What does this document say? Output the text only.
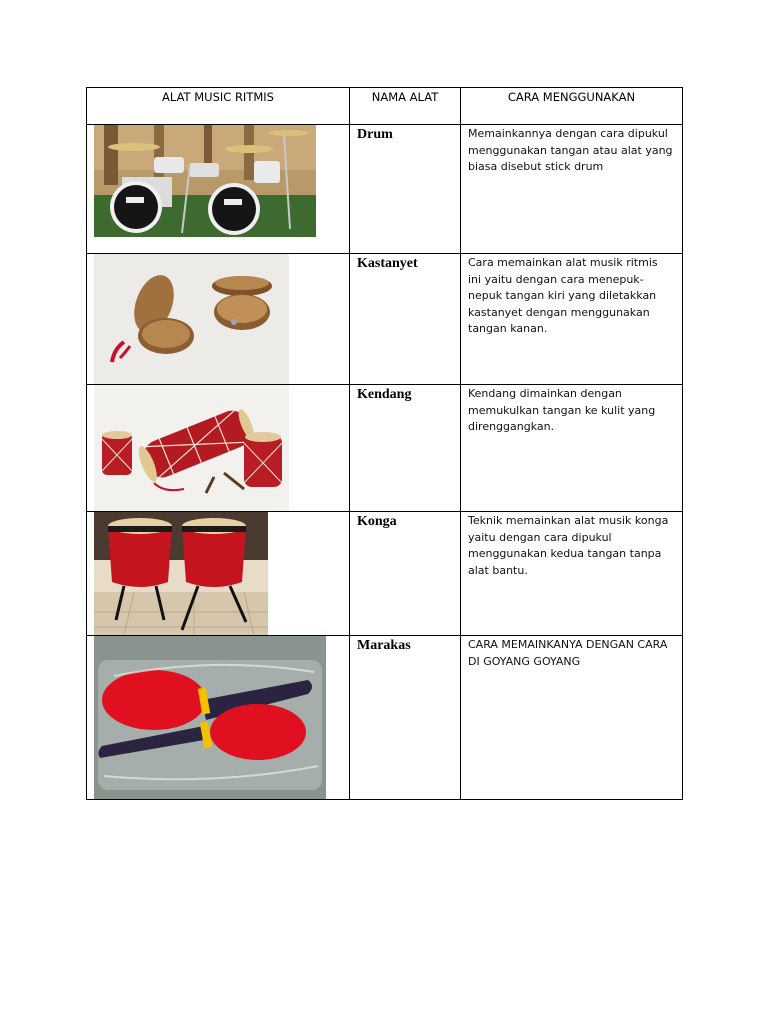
ALAT MUSIC RITMIS	NAMA ALAT	CARA MENGGUNAKAN

	Drum	Memainkannya dengan cara dipukul menggunakan tangan atau alat yang biasa disebut stick drum

	Kastanyet	Cara memainkan alat musik ritmis ini yaitu dengan cara menepuk-nepuk tangan kiri yang diletakkan kastanyet dengan menggunakan tangan kanan.

	Kendang	Kendang dimainkan dengan memukulkan tangan ke kulit yang direnggangkan.

	Konga	Teknik memainkan alat musik konga yaitu dengan cara dipukul menggunakan kedua tangan tanpa alat bantu.

	Marakas	CARA MEMAINKANYA DENGAN CARA DI GOYANG GOYANG
